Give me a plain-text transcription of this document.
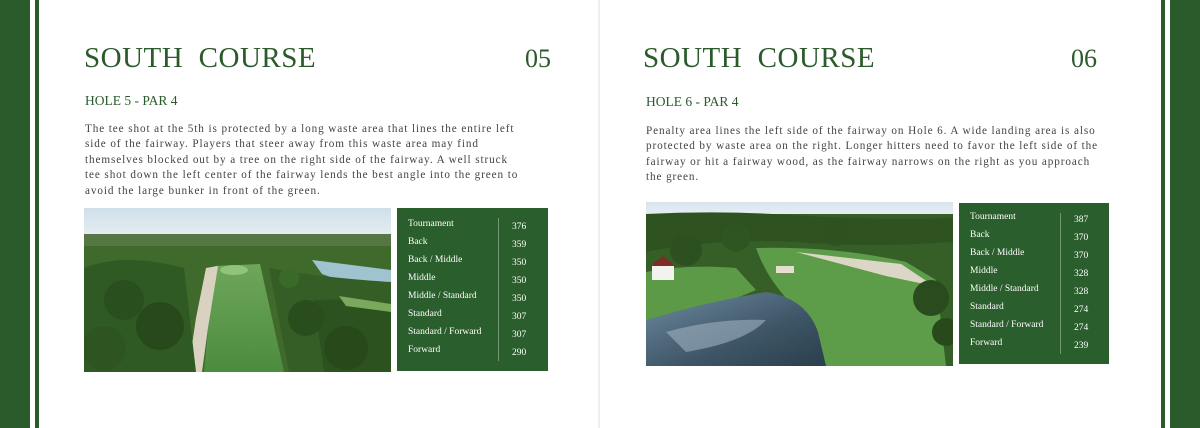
SOUTH  COURSE	05
HOLE 5 - PAR 4

The tee shot at the 5th is protected by a long waste area that lines the entire left side of the fairway. Players that steer away from this waste area may find themselves blocked out by a tree on the right side of the fairway. A well struck tee shot down the left center of the fairway lends the best angle into the green to avoid the large bunker in front of the green.

Tournament	376
Back	359
Back / Middle	350
Middle	350
Middle / Standard	350
Standard	307
Standard / Forward	307
Forward	290
SOUTH  COURSE	06
HOLE 6 - PAR 4

Penalty area lines the left side of the fairway on Hole 6. A wide landing area is also protected by waste area on the right. Longer hitters need to favor the left side of the fairway or hit a fairway wood, as the fairway narrows on the right as you approach the green.

Tournament	387
Back	370
Back / Middle	370
Middle	328
Middle / Standard	328
Standard	274
Standard / Forward	274
Forward	239
